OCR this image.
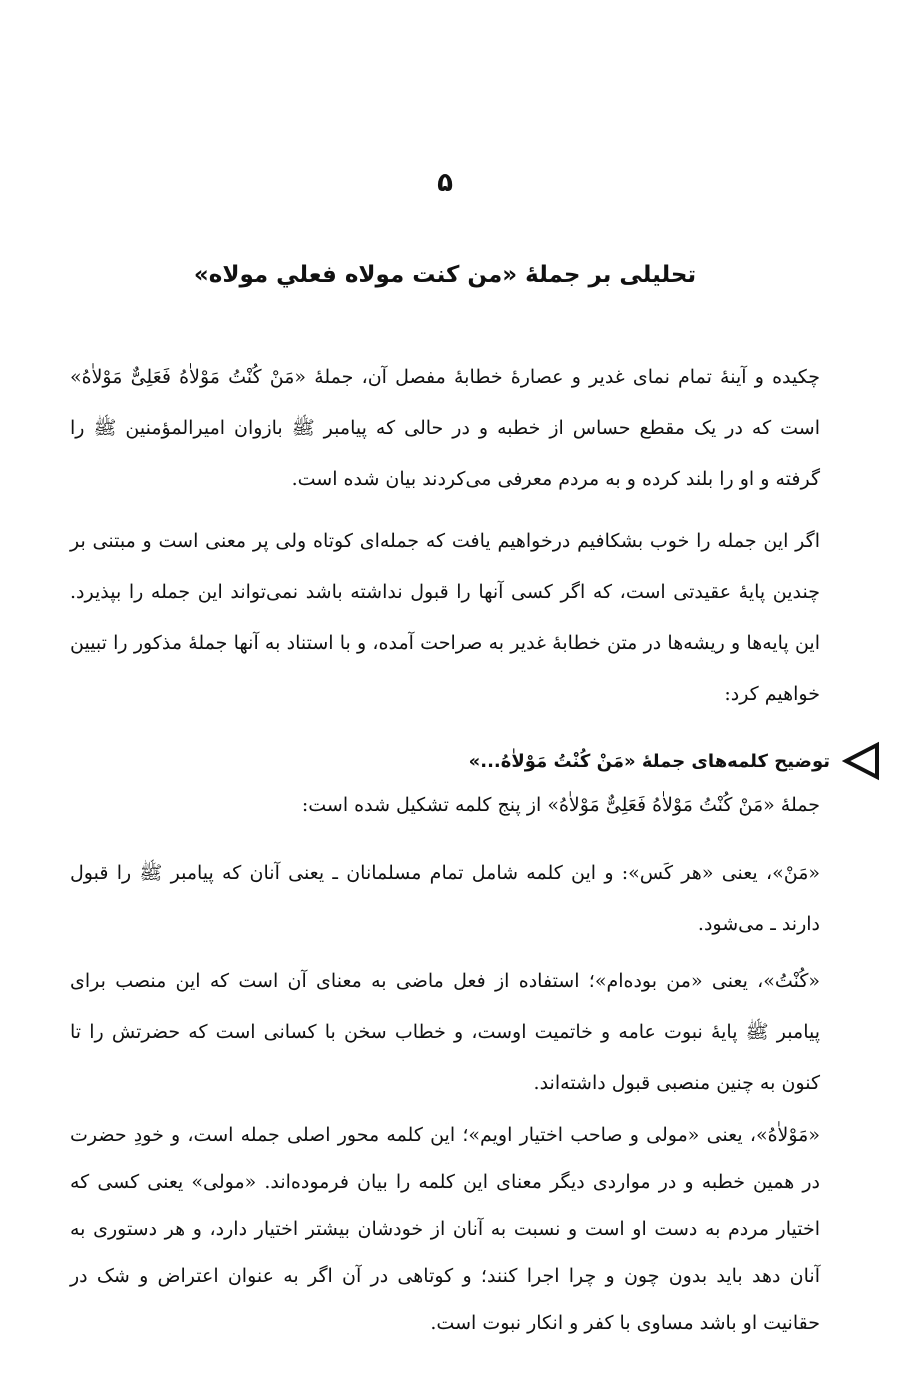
۵
تحلیلی بر جملهٔ «من کنت مولاه فعلي مولاه»

چکیده و آینهٔ تمام نمای غدیر و عصارهٔ خطابهٔ مفصل آن، جملهٔ «مَنْ کُنْتُ مَوْلاٰهُ فَعَلِیٌّ مَوْلاٰهُ» است که در یک مقطع حساس از خطبه و در حالی که پیامبر ﷺ بازوان امیرالمؤمنین ﷺ را گرفته و او را بلند کرده و به مردم معرفی می‌کردند بیان شده است.

اگر این جمله را خوب بشکافیم درخواهیم یافت که جمله‌ای کوتاه ولی پر معنی است و مبتنی بر چندین پایهٔ عقیدتی است، که اگر کسی آنها را قبول نداشته باشد نمی‌تواند این جمله را بپذیرد. این پایه‌ها و ریشه‌ها در متن خطابهٔ غدیر به صراحت آمده، و با استناد به آنها جملهٔ مذکور را تبیین خواهیم کرد:

توضیح کلمه‌های جملهٔ «مَنْ کُنْتُ مَوْلاٰهُ...»
جملهٔ «مَنْ کُنْتُ مَوْلاٰهُ فَعَلِیٌّ مَوْلاٰهُ» از پنج کلمه تشکیل شده است:

«مَنْ»، یعنی «هر کَس»: و این کلمه شامل تمام مسلمانان ـ یعنی آنان که پیامبر ﷺ را قبول دارند ـ می‌شود.

«کُنْتُ»، یعنی «من بوده‌ام»؛ استفاده از فعل ماضی به معنای آن است که این منصب برای پیامبر ﷺ پایهٔ نبوت عامه و خاتمیت اوست، و خطاب سخن با کسانی است که حضرتش را تا کنون به چنین منصبی قبول داشته‌اند.

«مَوْلاٰهُ»، یعنی «مولی و صاحب اختیار اویم»؛ این کلمه محور اصلی جمله است، و خودِ حضرت در همین خطبه و در مواردی دیگر معنای این کلمه را بیان فرموده‌اند. «مولی» یعنی کسی که اختیار مردم به دست او است و نسبت به آنان از خودشان بیشتر اختیار دارد، و هر دستوری به آنان دهد باید بدون چون و چرا اجرا کنند؛ و کوتاهی در آن اگر به عنوان اعتراض و شک در حقانیت او باشد مساوی با کفر و انکار نبوت است.
